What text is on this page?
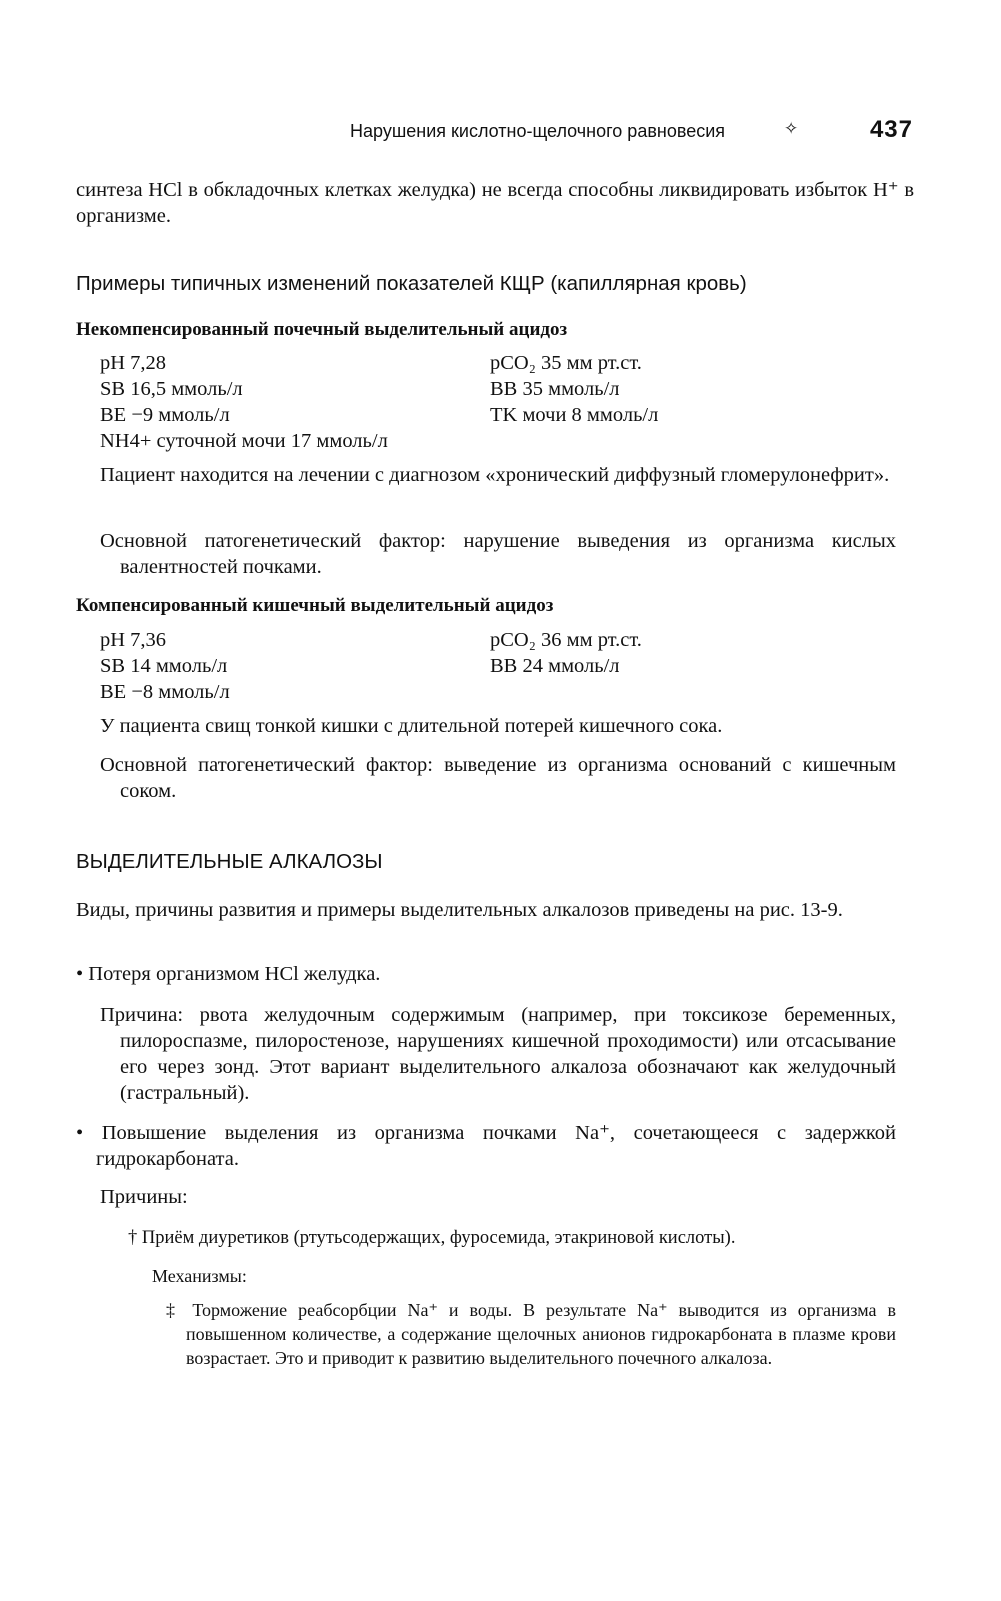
Нарушения кислотно-щелочного равновесия	✧	437
синтеза HCl в обкладочных клетках желудка) не всегда способны ликвидировать избыток H⁺ в организме.
Примеры типичных изменений показателей КЩР (капиллярная кровь)
Некомпенсированный почечный выделительный ацидоз
pH 7,28	pCO₂ 35 мм рт.ст.
SB 16,5 ммоль/л	BB 35 ммоль/л
BE −9 ммоль/л	TK мочи 8 ммоль/л
NH4+ суточной мочи 17 ммоль/л
Пациент находится на лечении с диагнозом «хронический диффузный гломерулонефрит».
Основной патогенетический фактор: нарушение выведения из организма кислых валентностей почками.
Компенсированный кишечный выделительный ацидоз
pH 7,36	pCO₂ 36 мм рт.ст.
SB 14 ммоль/л	BB 24 ммоль/л
BE −8 ммоль/л
У пациента свищ тонкой кишки с длительной потерей кишечного сока.
Основной патогенетический фактор: выведение из организма оснований с кишечным соком.
ВЫДЕЛИТЕЛЬНЫЕ АЛКАЛОЗЫ
Виды, причины развития и примеры выделительных алкалозов приведены на рис. 13-9.
• Потеря организмом HCl желудка.
Причина: рвота желудочным содержимым (например, при токсикозе беременных, пилороспазме, пилоростенозе, нарушениях кишечной проходимости) или отсасывание его через зонд. Этот вариант выделительного алкалоза обозначают как желудочный (гастральный).
• Повышение выделения из организма почками Na⁺, сочетающееся с задержкой гидрокарбоната.
Причины:
† Приём диуретиков (ртутьсодержащих, фуросемида, этакриновой кислоты).
Механизмы:
‡ Торможение реабсорбции Na⁺ и воды. В результате Na⁺ выводится из организма в повышенном количестве, а содержание щелочных анионов гидрокарбоната в плазме крови возрастает. Это и приводит к развитию выделительного почечного алкалоза.
